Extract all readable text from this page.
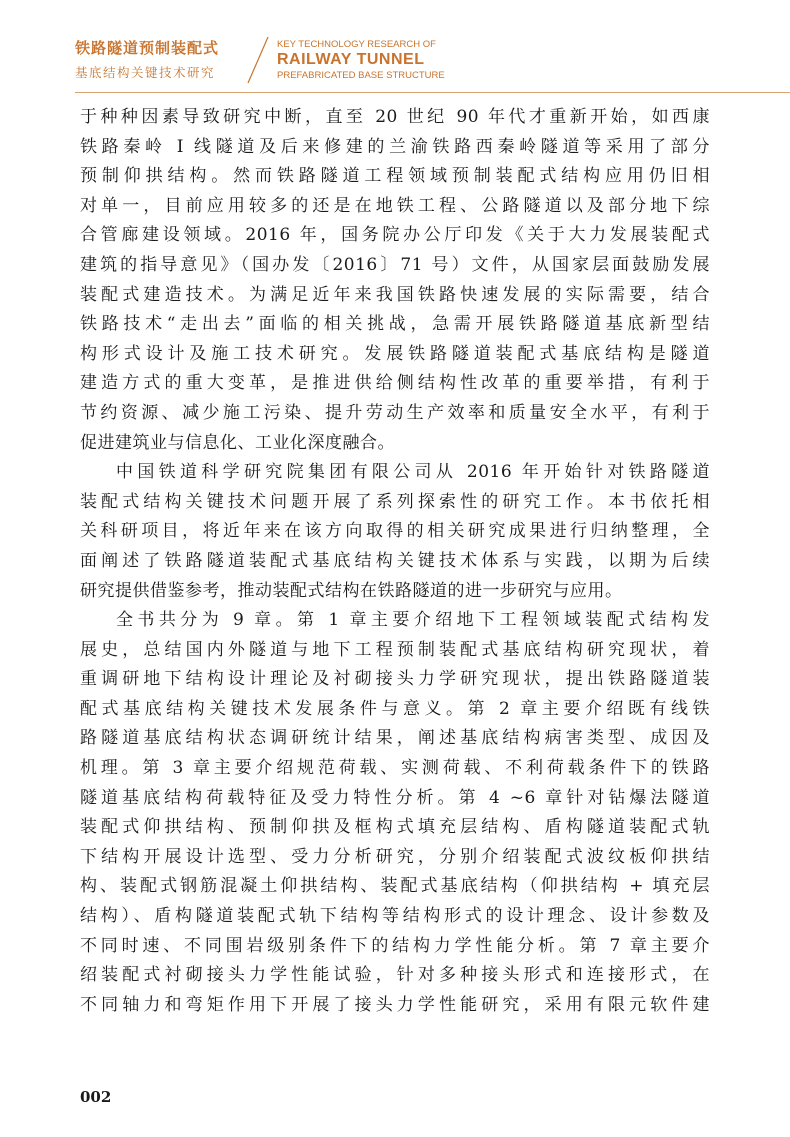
铁路隧道预制装配式
基底结构关键技术研究
KEY TECHNOLOGY RESEARCH OF
RAILWAY TUNNEL
PREFABRICATED BASE STRUCTURE
于种种因素导致研究中断，直至 20 世纪 90 年代才重新开始，如西康
铁路秦岭 I 线隧道及后来修建的兰渝铁路西秦岭隧道等采用了部分
预制仰拱结构。然而铁路隧道工程领域预制装配式结构应用仍旧相
对单一，目前应用较多的还是在地铁工程、公路隧道以及部分地下综
合管廊建设领域。2016 年，国务院办公厅印发《关于大力发展装配式
建筑的指导意见》（国办发〔2016〕71 号）文件，从国家层面鼓励发展
装配式建造技术。为满足近年来我国铁路快速发展的实际需要，结合
铁路技术“走出去”面临的相关挑战，急需开展铁路隧道基底新型结
构形式设计及施工技术研究。发展铁路隧道装配式基底结构是隧道
建造方式的重大变革，是推进供给侧结构性改革的重要举措，有利于
节约资源、减少施工污染、提升劳动生产效率和质量安全水平，有利于
促进建筑业与信息化、工业化深度融合。
中国铁道科学研究院集团有限公司从 2016 年开始针对铁路隧道
装配式结构关键技术问题开展了系列探索性的研究工作。本书依托相
关科研项目，将近年来在该方向取得的相关研究成果进行归纳整理，全
面阐述了铁路隧道装配式基底结构关键技术体系与实践，以期为后续
研究提供借鉴参考，推动装配式结构在铁路隧道的进一步研究与应用。
全书共分为 9 章。第 1 章主要介绍地下工程领域装配式结构发
展史，总结国内外隧道与地下工程预制装配式基底结构研究现状，着
重调研地下结构设计理论及衬砌接头力学研究现状，提出铁路隧道装
配式基底结构关键技术发展条件与意义。第 2 章主要介绍既有线铁
路隧道基底结构状态调研统计结果，阐述基底结构病害类型、成因及
机理。第 3 章主要介绍规范荷载、实测荷载、不利荷载条件下的铁路
隧道基底结构荷载特征及受力特性分析。第 4 ~6 章针对钻爆法隧道
装配式仰拱结构、预制仰拱及框构式填充层结构、盾构隧道装配式轨
下结构开展设计选型、受力分析研究，分别介绍装配式波纹板仰拱结
构、装配式钢筋混凝土仰拱结构、装配式基底结构（仰拱结构 + 填充层
结构）、盾构隧道装配式轨下结构等结构形式的设计理念、设计参数及
不同时速、不同围岩级别条件下的结构力学性能分析。第 7 章主要介
绍装配式衬砌接头力学性能试验，针对多种接头形式和连接形式，在
不同轴力和弯矩作用下开展了接头力学性能研究，采用有限元软件建
002
